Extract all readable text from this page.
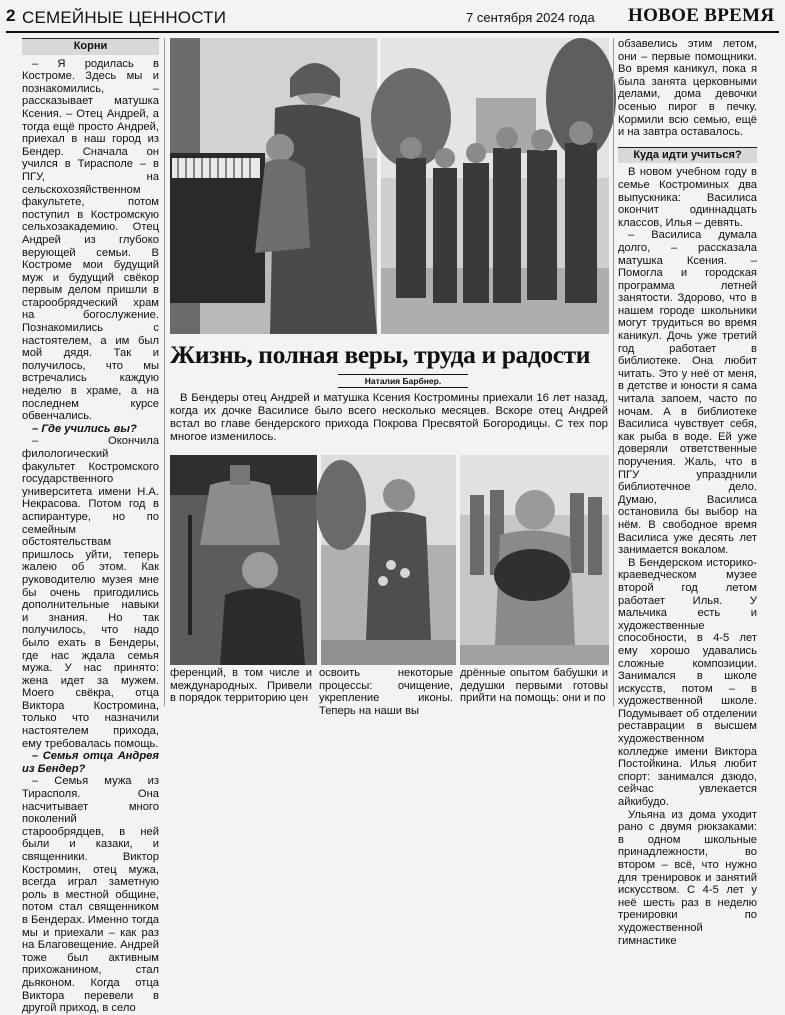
2 СЕМЕЙНЫЕ ЦЕННОСТИ	7 сентября 2024 года НОВОЕ ВРЕМЯ
Корни

– Я родилась в Костроме. Здесь мы и познакомились, – рассказывает матушка Ксения. – Отец Андрей, а тогда ещё просто Андрей, приехал в наш город из Бендер. Сначала он учился в Тирасполе – в ПГУ, на сельскохозяйственном факультете, потом поступил в Костромскую сельхозакадемию. Отец Андрей из глубоко верующей семьи. В Костроме мои будущий муж и будущий свёкор первым делом пришли в старообрядческий храм на богослужение. Познакомились с настоятелем, а им был мой дядя. Так и получилось, что мы встречались каждую неделю в храме, а на последнем курсе обвенчались.

– Где учились вы?

– Окончила филологический факультет Костромского государственного университета имени Н.А. Некрасова. Потом год в аспирантуре, но по семейным обстоятельствам пришлось уйти, теперь жалею об этом. Как руководителю музея мне бы очень пригодились дополнительные навыки и знания. Но так получилось, что надо было ехать в Бендеры, где нас ждала семья мужа. У нас принято: жена идет за мужем. Моего свёкра, отца Виктора Костромина, только что назначили настоятелем прихода, ему требовалась помощь.

– Семья отца Андрея из Бендер?

– Семья мужа из Тирасполя. Она насчитывает много поколений старообрядцев, в ней были и казаки, и священники. Виктор Костромин, отец мужа, всегда играл заметную роль в местной общине, потом стал священником в Бендерах. Именно тогда мы и приехали – как раз на Благовещение. Андрей тоже был активным прихожанином, стал дьяконом. Когда отца Виктора перевели в другой приход, в село

Жизнь, полная веры, труда и радости
Наталия Барбнер.

В Бендеры отец Андрей и матушка Ксения Костромины приехали 16 лет назад, когда их дочке Василисе было всего несколько месяцев. Вскоре отец Андрей встал во главе бендерского прихода Покрова Пресвятой Богородицы. С тех пор многое изменилось.

ференций, в том числе и международных. Привели в порядок территорию цен

освоить некоторые процессы: очищение, укрепление иконы. Теперь на наши вы

дрённые опытом бабушки и дедушки первыми готовы прийти на помощь: они и по

обзавелись этим летом, они – первые помощники. Во время каникул, пока я была занята церковными делами, дома девочки осенью пирог в печку. Кормили всю семью, ещё и на завтра оставалось.

Куда идти учиться?

В новом учебном году в семье Костроминых два выпускника: Василиса окончит одиннадцать классов, Илья – девять.

– Василиса думала долго, – рассказала матушка Ксения. – Помогла и городская программа летней занятости. Здорово, что в нашем городе школьники могут трудиться во время каникул. Дочь уже третий год работает в библиотеке. Она любит читать. Это у неё от меня, в детстве и юности я сама читала запоем, часто по ночам. А в библиотеке Василиса чувствует себя, как рыба в воде. Ей уже доверяли ответственные поручения. Жаль, что в ПГУ упразднили библиотечное дело. Думаю, Василиса остановила бы выбор на нём. В свободное время Василиса уже десять лет занимается вокалом.

В Бендерском историко-краеведческом музее второй год летом работает Илья. У мальчика есть и художественные способности, в 4-5 лет ему хорошо удавались сложные композиции. Занимался в школе искусств, потом – в художественной школе. Подумывает об отделении реставрации в высшем художественном колледже имени Виктора Постойкина. Илья любит спорт: занимался дзюдо, сейчас увлекается айкибудо.

Ульяна из дома уходит рано с двумя рюкзаками: в одном школьные принадлежности, во втором – всё, что нужно для тренировок и занятий искусством. С 4-5 лет у неё шесть раз в неделю тренировки по художественной гимнастике
